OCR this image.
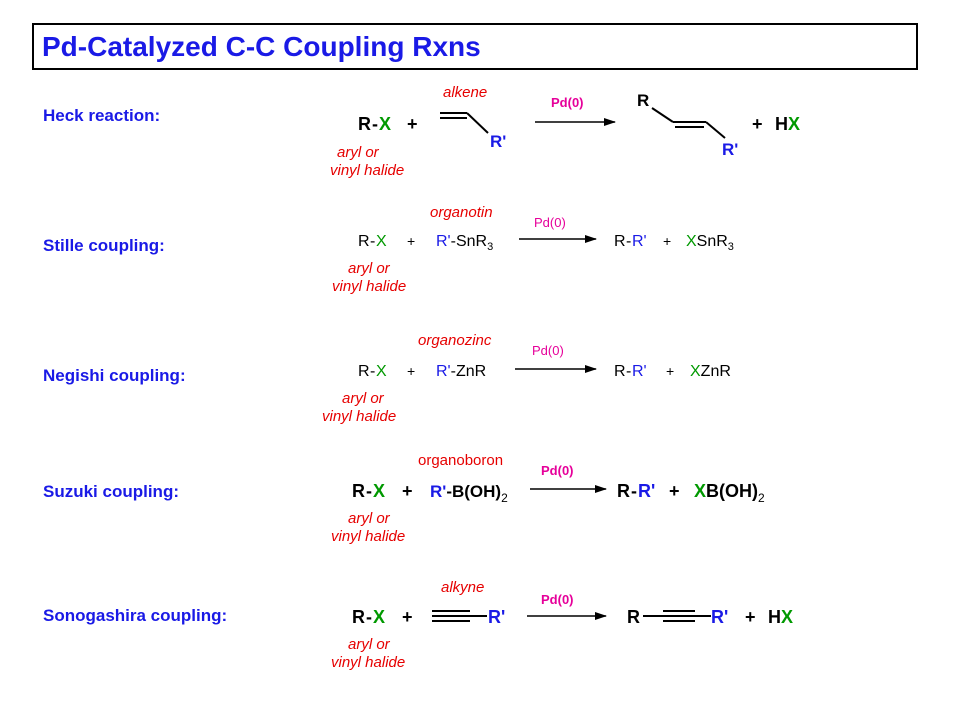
Pd-Catalyzed C-C Coupling Rxns
Heck reaction:
Stille coupling:
Negishi coupling:
Suzuki coupling:
Sonogashira coupling:
R - X +
aryl or
vinyl halide
alkene
R'
Pd(0)	R
R'
+ H X
R - X +
aryl or
vinyl halide
organotin
R'-SnR$_3$
Pd(0)
R - R' + XSnR$_3$
R - X +
aryl or
vinyl halide
organozinc
R'-ZnR
Pd(0)
R - R' + XZnR
R - X +
aryl or
vinyl halide
organoboron
$R'-B(OH)_2$
Pd(0)
$R - R' + XB(OH)_2$
R - X +
aryl or
vinyl halide
alkyne
R'
Pd(0)
R	R' + H X
